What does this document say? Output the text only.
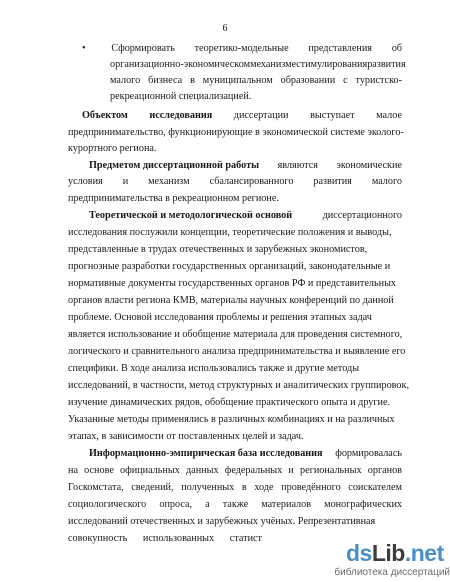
6
•	Сформировать теоретико-модельные представления об
организационно-экономическом механизме стимулирования развития
малого бизнеса в муниципальном образовании с туристско-
рекреационной специализацией.
Объектом исследования диссертации выступает малое
предпринимательство, функционирующие в экономической системе эколого-
курортного региона.
Предметом диссертационной работы являются экономические
условия и механизм сбалансированного развития малого
предпринимательства в рекреационном регионе.
Теоретической и методологической основой	диссертационного
исследования послужили концепции, теоретические положения и выводы,
представленные в трудах отечественных и зарубежных экономистов,
прогнозные разработки государственных организаций, законодательные и
нормативные документы государственных органов РФ и представительных
органов власти региона КМВ, материалы научных конференций по данной
проблеме. Основой исследования проблемы и решения этапных задач
является использование и обобщение материала для проведения системного,
логического и сравнительного анализа предпринимательства и выявление его
специфики. В ходе анализа использовались также и другие методы
исследований, в частности, метод структурных и аналитических группировок,
изучение динамических рядов, обобщение практического опыта и другие.
Указанные методы применялись в различных комбинациях и на различных
этапах, в зависимости от поставленных целей и задач.
Информационно-эмпирическая база исследования формировалась
на основе официальных данных федеральных и региональных органов
Госкомстата, сведений, полученных в ходе проведённого соискателем
социологического опроса, а также материалов монографических
исследований отечественных и зарубежных учёных. Репрезентативная
совокупность использованных статист
dsLib.net
библиотека диссертаций
